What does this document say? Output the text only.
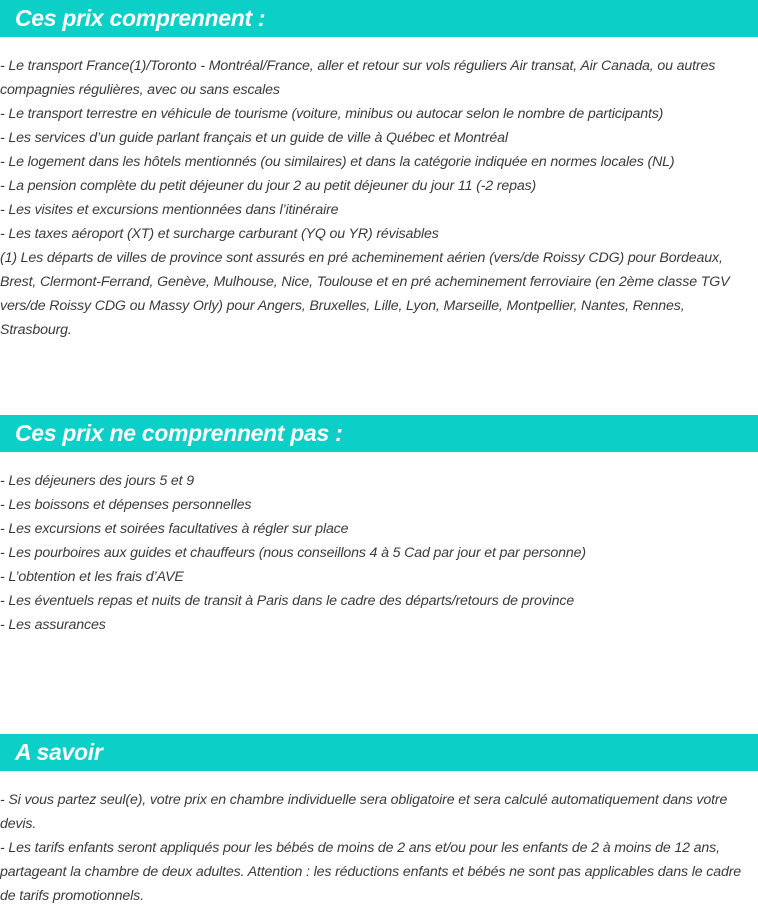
Ces prix comprennent :

- Le transport France(1)/Toronto - Montréal/France, aller et retour sur vols réguliers Air transat, Air Canada, ou autres compagnies régulières, avec ou sans escales

- Le transport terrestre en véhicule de tourisme (voiture, minibus ou autocar selon le nombre de participants)

- Les services d’un guide parlant français et un guide de ville à Québec et Montréal

- Le logement dans les hôtels mentionnés (ou similaires) et dans la catégorie indiquée en normes locales (NL)

- La pension complète du petit déjeuner du jour 2 au petit déjeuner du jour 11 (-2 repas)

- Les visites et excursions mentionnées dans l’itinéraire

- Les taxes aéroport (XT) et surcharge carburant (YQ ou YR) révisables

(1) Les départs de villes de province sont assurés en pré acheminement aérien (vers/de Roissy CDG) pour Bordeaux, Brest, Clermont-Ferrand, Genève, Mulhouse, Nice, Toulouse et en pré acheminement ferroviaire (en 2ème classe TGV vers/de Roissy CDG ou Massy Orly) pour Angers, Bruxelles, Lille, Lyon, Marseille, Montpellier, Nantes, Rennes, Strasbourg.

Ces prix ne comprennent pas :

- Les déjeuners des jours 5 et 9

- Les boissons et dépenses personnelles

- Les excursions et soirées facultatives à régler sur place

- Les pourboires aux guides et chauffeurs (nous conseillons 4 à 5 Cad par jour et par personne)

- L’obtention et les frais d’AVE

- Les éventuels repas et nuits de transit à Paris dans le cadre des départs/retours de province

- Les assurances

A savoir

- Si vous partez seul(e), votre prix en chambre individuelle sera obligatoire et sera calculé automatiquement dans votre devis.

- Les tarifs enfants seront appliqués pour les bébés de moins de 2 ans et/ou pour les enfants de 2 à moins de 12 ans, partageant la chambre de deux adultes. Attention : les réductions enfants et bébés ne sont pas applicables dans le cadre de tarifs promotionnels.
